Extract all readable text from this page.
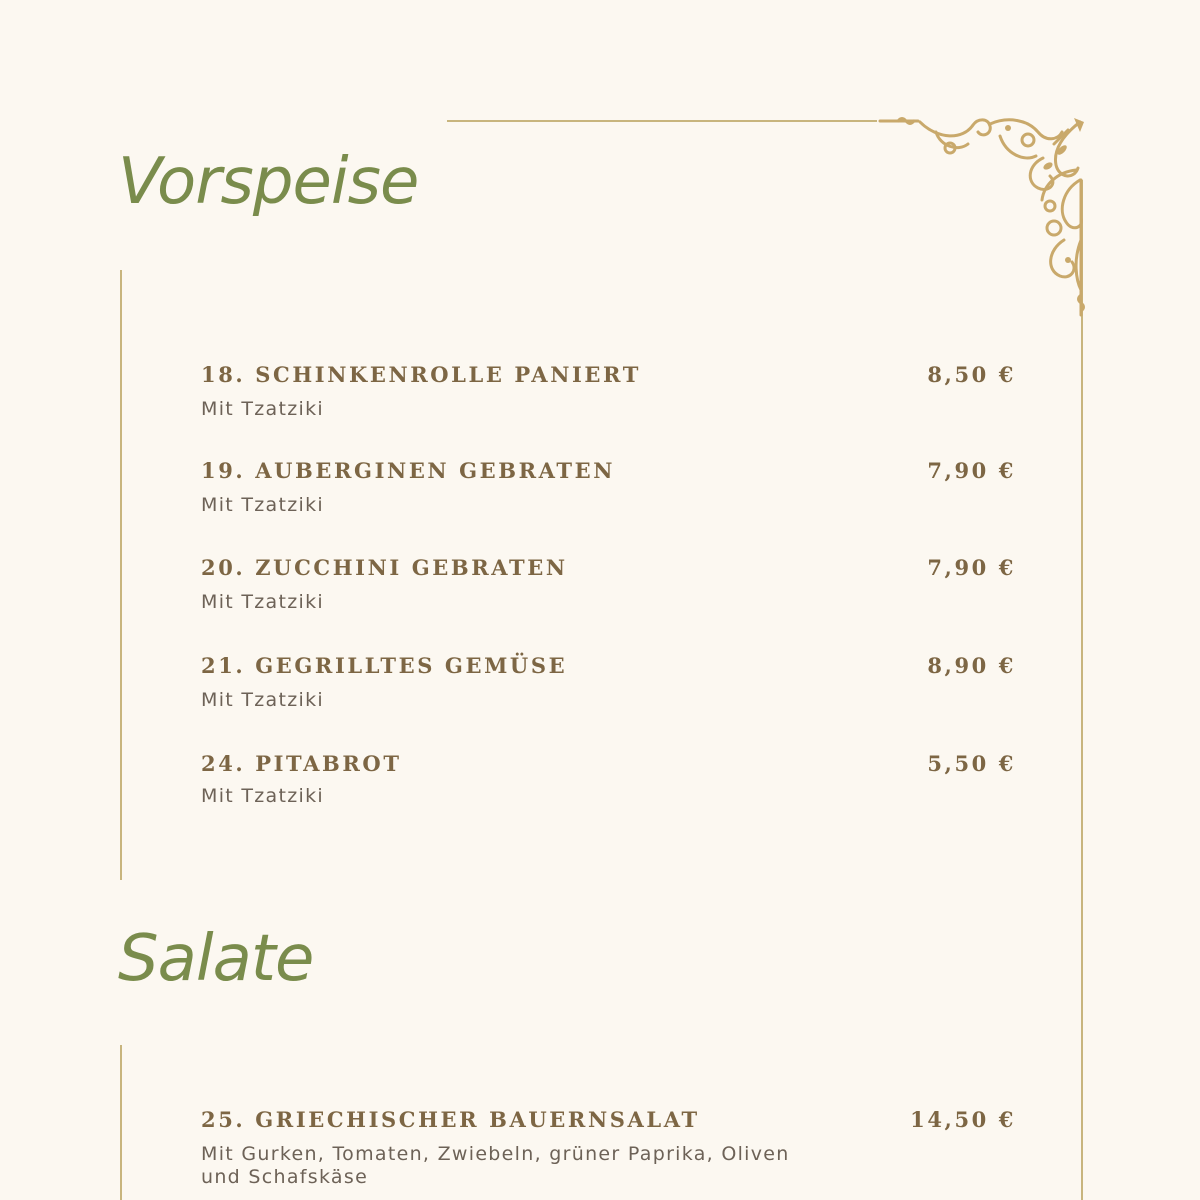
Vorspeise
18. SCHINKENROLLE PANIERT	8,50 €
Mit Tzatziki
19. AUBERGINEN GEBRATEN	7,90 €
Mit Tzatziki
20. ZUCCHINI GEBRATEN	7,90 €
Mit Tzatziki
21. GEGRILLTES GEMÜSE	8,90 €
Mit Tzatziki
24. PITABROT	5,50 €
Mit Tzatziki
Salate
25. GRIECHISCHER BAUERNSALAT	14,50 €
Mit Gurken, Tomaten, Zwiebeln, grüner Paprika, Oliven und Schafskäse
